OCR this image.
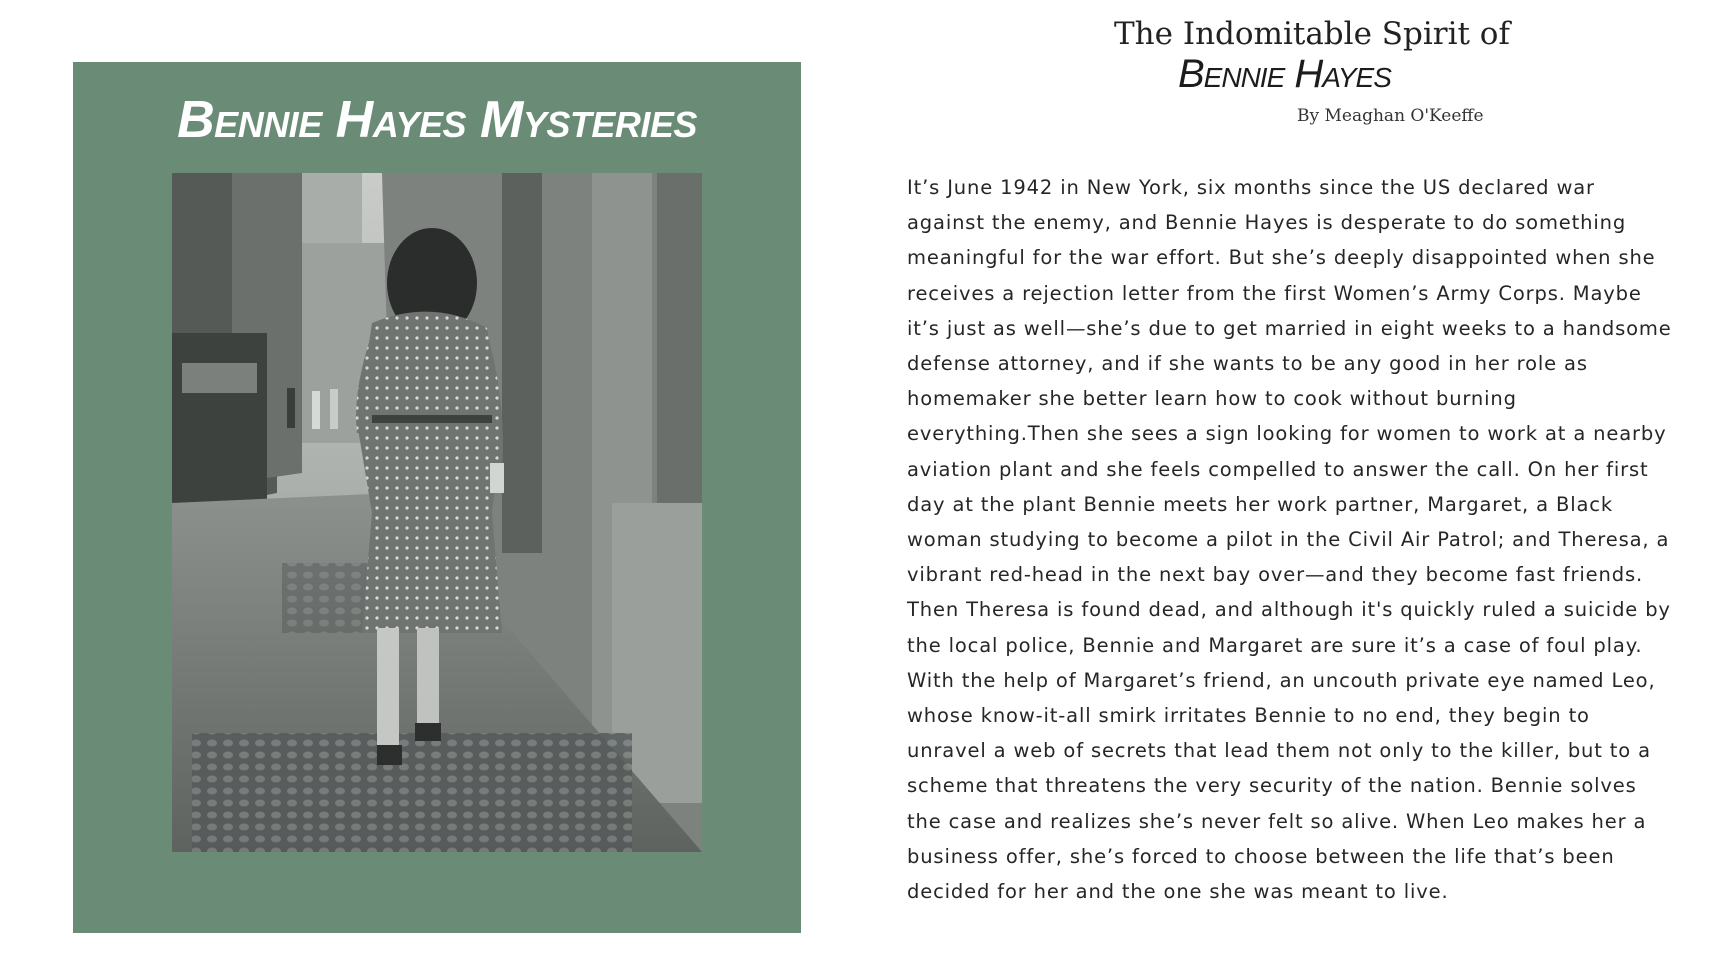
Bennie Hayes Mysteries
The Indomitable Spirit of
Bennie Hayes
By Meaghan O'Keeffe

It’s June 1942 in New York, six months since the US declared war against the enemy, and Bennie Hayes is desperate to do something meaningful for the war effort. But she’s deeply disappointed when she receives a rejection letter from the first Women’s Army Corps. Maybe it’s just as well—she’s due to get married in eight weeks to a handsome defense attorney, and if she wants to be any good in her role as homemaker she better learn how to cook without burning everything.Then she sees a sign looking for women to work at a nearby aviation plant and she feels compelled to answer the call. On her first day at the plant Bennie meets her work partner, Margaret, a Black woman studying to become a pilot in the Civil Air Patrol; and Theresa, a vibrant red-head in the next bay over—and they become fast friends. Then Theresa is found dead, and although it's quickly ruled a suicide by the local police, Bennie and Margaret are sure it’s a case of foul play. With the help of Margaret’s friend, an uncouth private eye named Leo, whose know-it-all smirk irritates Bennie to no end, they begin to unravel a web of secrets that lead them not only to the killer, but to a scheme that threatens the very security of the nation. Bennie solves the case and realizes she’s never felt so alive. When Leo makes her a business offer, she’s forced to choose between the life that’s been decided for her and the one she was meant to live.
